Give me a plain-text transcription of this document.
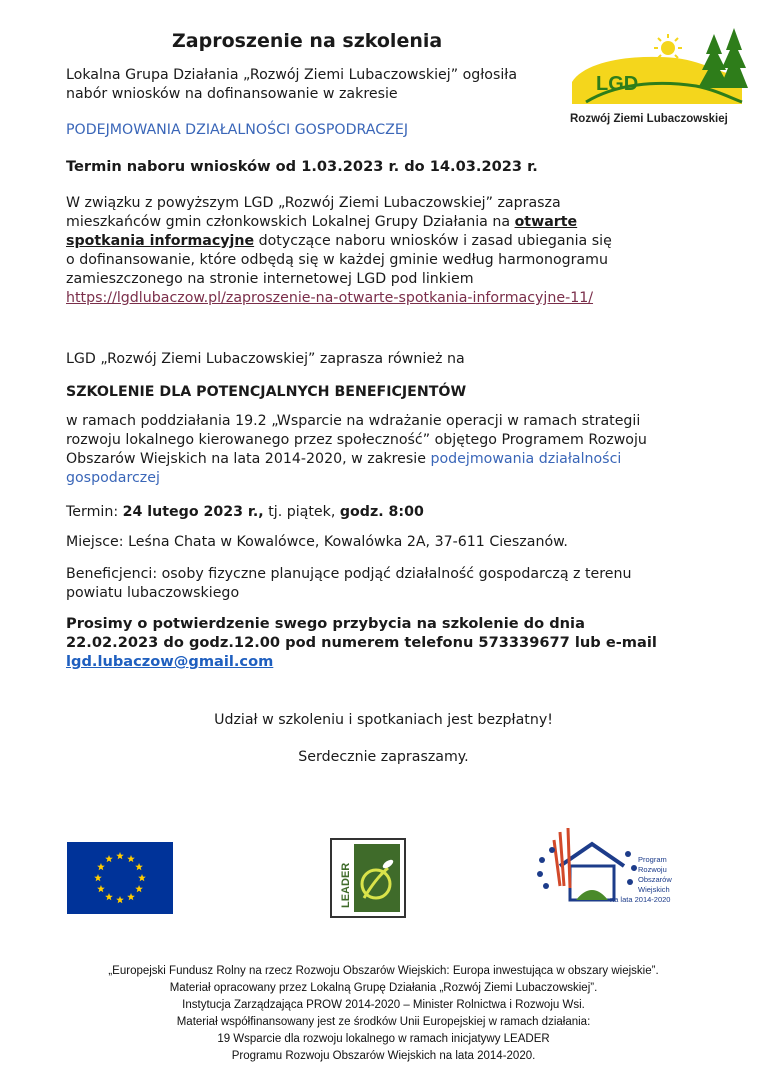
Zaproszenie na szkolenia
LGD
Rozwój Ziemi Lubaczowskiej
Lokalna Grupa Działania „Rozwój Ziemi Lubaczowskiej” ogłosiła
nabór wniosków na dofinansowanie w zakresie
PODEJMOWANIA DZIAŁALNOŚCI GOSPODRACZEJ
Termin naboru wniosków od 1.03.2023 r. do 14.03.2023 r.
W związku z powyższym LGD „Rozwój Ziemi Lubaczowskiej” zaprasza
mieszkańców gmin członkowskich Lokalnej Grupy Działania na otwarte
spotkania informacyjne dotyczące naboru wniosków i zasad ubiegania się
o dofinansowanie, które odbędą się w każdej gminie według harmonogramu
zamieszczonego na stronie internetowej LGD pod linkiem
https://lgdlubaczow.pl/zaproszenie-na-otwarte-spotkania-informacyjne-11/
LGD „Rozwój Ziemi Lubaczowskiej” zaprasza również na
SZKOLENIE DLA POTENCJALNYCH BENEFICJENTÓW
w ramach poddziałania 19.2 „Wsparcie na wdrażanie operacji w ramach strategii
rozwoju lokalnego kierowanego przez społeczność” objętego Programem Rozwoju
Obszarów Wiejskich na lata 2014-2020, w zakresie podejmowania działalności
gospodarczej
Termin: 24 lutego 2023 r., tj. piątek, godz. 8:00
Miejsce: Leśna Chata w Kowalówce, Kowalówka 2A, 37-611 Cieszanów.
Beneficjenci: osoby fizyczne planujące podjąć działalność gospodarczą z terenu
powiatu lubaczowskiego
Prosimy o potwierdzenie swego przybycia na szkolenie do dnia
22.02.2023 do godz.12.00 pod numerem telefonu 573339677 lub e-mail
lgd.lubaczow@gmail.com
Udział w szkoleniu i spotkaniach jest bezpłatny!
Serdecznie zapraszamy.
LEADER
Program
Rozwoju
Obszarów
Wiejskich
na lata 2014-2020
„Europejski Fundusz Rolny na rzecz Rozwoju Obszarów Wiejskich: Europa inwestująca w obszary wiejskie”.
Materiał opracowany przez Lokalną Grupę Działania „Rozwój Ziemi Lubaczowskiej”.
Instytucja Zarządzająca PROW 2014-2020 – Minister Rolnictwa i Rozwoju Wsi.
Materiał współfinansowany jest ze środków Unii Europejskiej w ramach działania:
19 Wsparcie dla rozwoju lokalnego w ramach inicjatywy LEADER
Programu Rozwoju Obszarów Wiejskich na lata 2014-2020.
